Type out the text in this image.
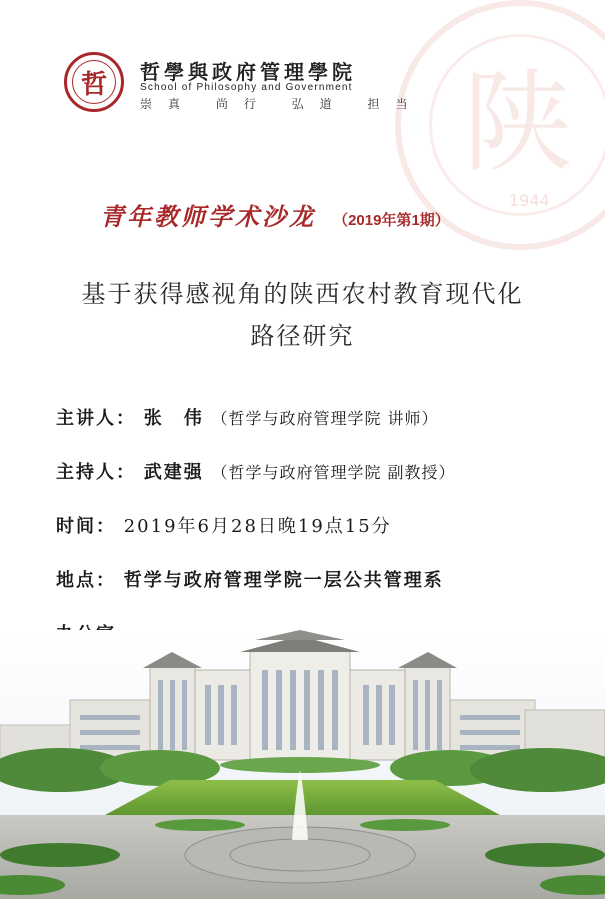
陕
1944
哲 哲學與政府管理學院
School of Philosophy and Government
崇真 尚行 弘道 担当
青年教师学术沙龙 （2019年第1期）
基于获得感视角的陕西农村教育现代化
路径研究
主讲人： 张　伟 （哲学与政府管理学院 讲师）
主持人： 武建强 （哲学与政府管理学院 副教授）
时间： 2019年6月28日晚19点15分
地点： 哲学与政府管理学院一层公共管理系
